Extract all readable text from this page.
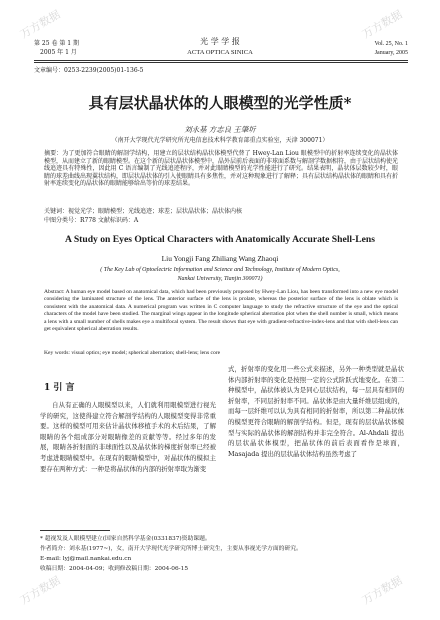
第 25 卷 第 1 期
2005 年 1 月
光 学 学 报
ACTA OPTICA SINICA
Vol. 25, No. 1
January, 2005
文章编号：0253-2239(2005)01-136-5
具有层状晶状体的人眼模型的光学性质*
刘永基 方志良 王肇圻
（南开大学现代光学研究所光电信息技术科学教育部重点实验室，天津 300071）
摘要：为了更加符合眼睛的解剖学结构，用建立的层状结构晶状体模型代替了 Hwey-Lan Liou 眼模型中的折射率连续变化的晶状体模型，从而建立了新的眼睛模型。在这个新的层状晶状体模型中，晶外层前后表面的非球面系数与解剖学数据相符，由于层状结构使光线追迹具有特殊性，因此用 C 语言编制了光线追迹程序，并对此眼睛模型的光学性能进行了研究。结果表明，晶状体层数较少时，眼睛的球差曲线出现翼状结构，即层状晶状体的引入使眼睛具有多焦性，并对这种现象进行了解释；具有层状结构晶状体的眼睛和具有折射率连续变化的晶状体的眼睛能够给出等价的球差结果。
关键词：视觉光学；眼睛模型；光线追迹；球差；层状晶状体；晶状体内核
中图分类号：R778 文献标识码：A
A Study on Eyes Optical Characters with Anatomically Accurate Shell-Lens
Liu Yongji Fang Zhiliang Wang Zhaoqi
( The Key Lab of Optoelectric Information and Science and Technology, Institute of Modern Optics,
Nankai University, Tianjin 300071)
Abstract: A human eye model based on anatomical data, which had been previously proposed by Hwey-Lan Liou, has been transformed into a new eye model considering the laminated structure of the lens. The anterior surface of the lens is prolate, whereas the posterior surface of the lens is oblate which is consistent with the anatomical data. A numerical program was written in C computer language to study the refractive structure of the eye and the optical characters of the model have been studied. The marginal wings appear in the longitude spherical aberration plot when the shell number is small, which means a lens with a small number of shells makes eye a multifocal system. The result shows that eye with gradient-refractive-index-lens and that with shell-lens can get equivalent spherical aberration results.
Key words: visual optics; eye model; spherical aberration; shell-lens; lens core
1 引 言
自从有正确的人眼模型以来，人们就利用眼模型进行视光学的研究，这使得建立符合解剖学结构的人眼模型变得非常重要。这样的模型可用来估计晶状体移植手术的术后结果，了解眼睛的各个组成部分对眼睛像差的贡献等等。经过多年的发展，眼睛各折射面的非球面性以及晶状体的梯度折射率已经被考虑进眼睛模型中。在现有的眼睛模型中，对晶状体的模拟主要存在两种方式：一种是将晶状体的内部的折射率取为渐变
式，折射率的变化用一些公式来描述，另外一种类型就是晶状体内部折射率的变化是按照一定的公式阶跃式地变化。在第二种模型中，晶状体被认为是同心层状结构，每一层具有相同的折射率，不同层折射率不同。晶状体是由大量纤维层组成的，而每一层纤维可以认为具有相同的折射率，所以第二种晶状体的模型更符合眼睛的解剖学结构。但是，现有的层状晶状体模型与实际的晶状体的解剖结构并非完全符合。Al-Ahdali 提出的层状晶状体模型，把晶状体的前后表面看作是球面，Masajada 提出的层状晶状体结构虽然考虑了
* 超视发及人眼模型建立(国家自然科学基金(0331837)资助课题。
作者简介：刘永基(1977~)，女，南开大学现代光学研究所博士研究生，主要从事视光学方面的研究。
E-mail: lyj@mail.nankai.edu.cn
收稿日期：2004-04-09；收到修改稿日期：2004-06-15
万方数据	万方数据
万方数据	万方数据
